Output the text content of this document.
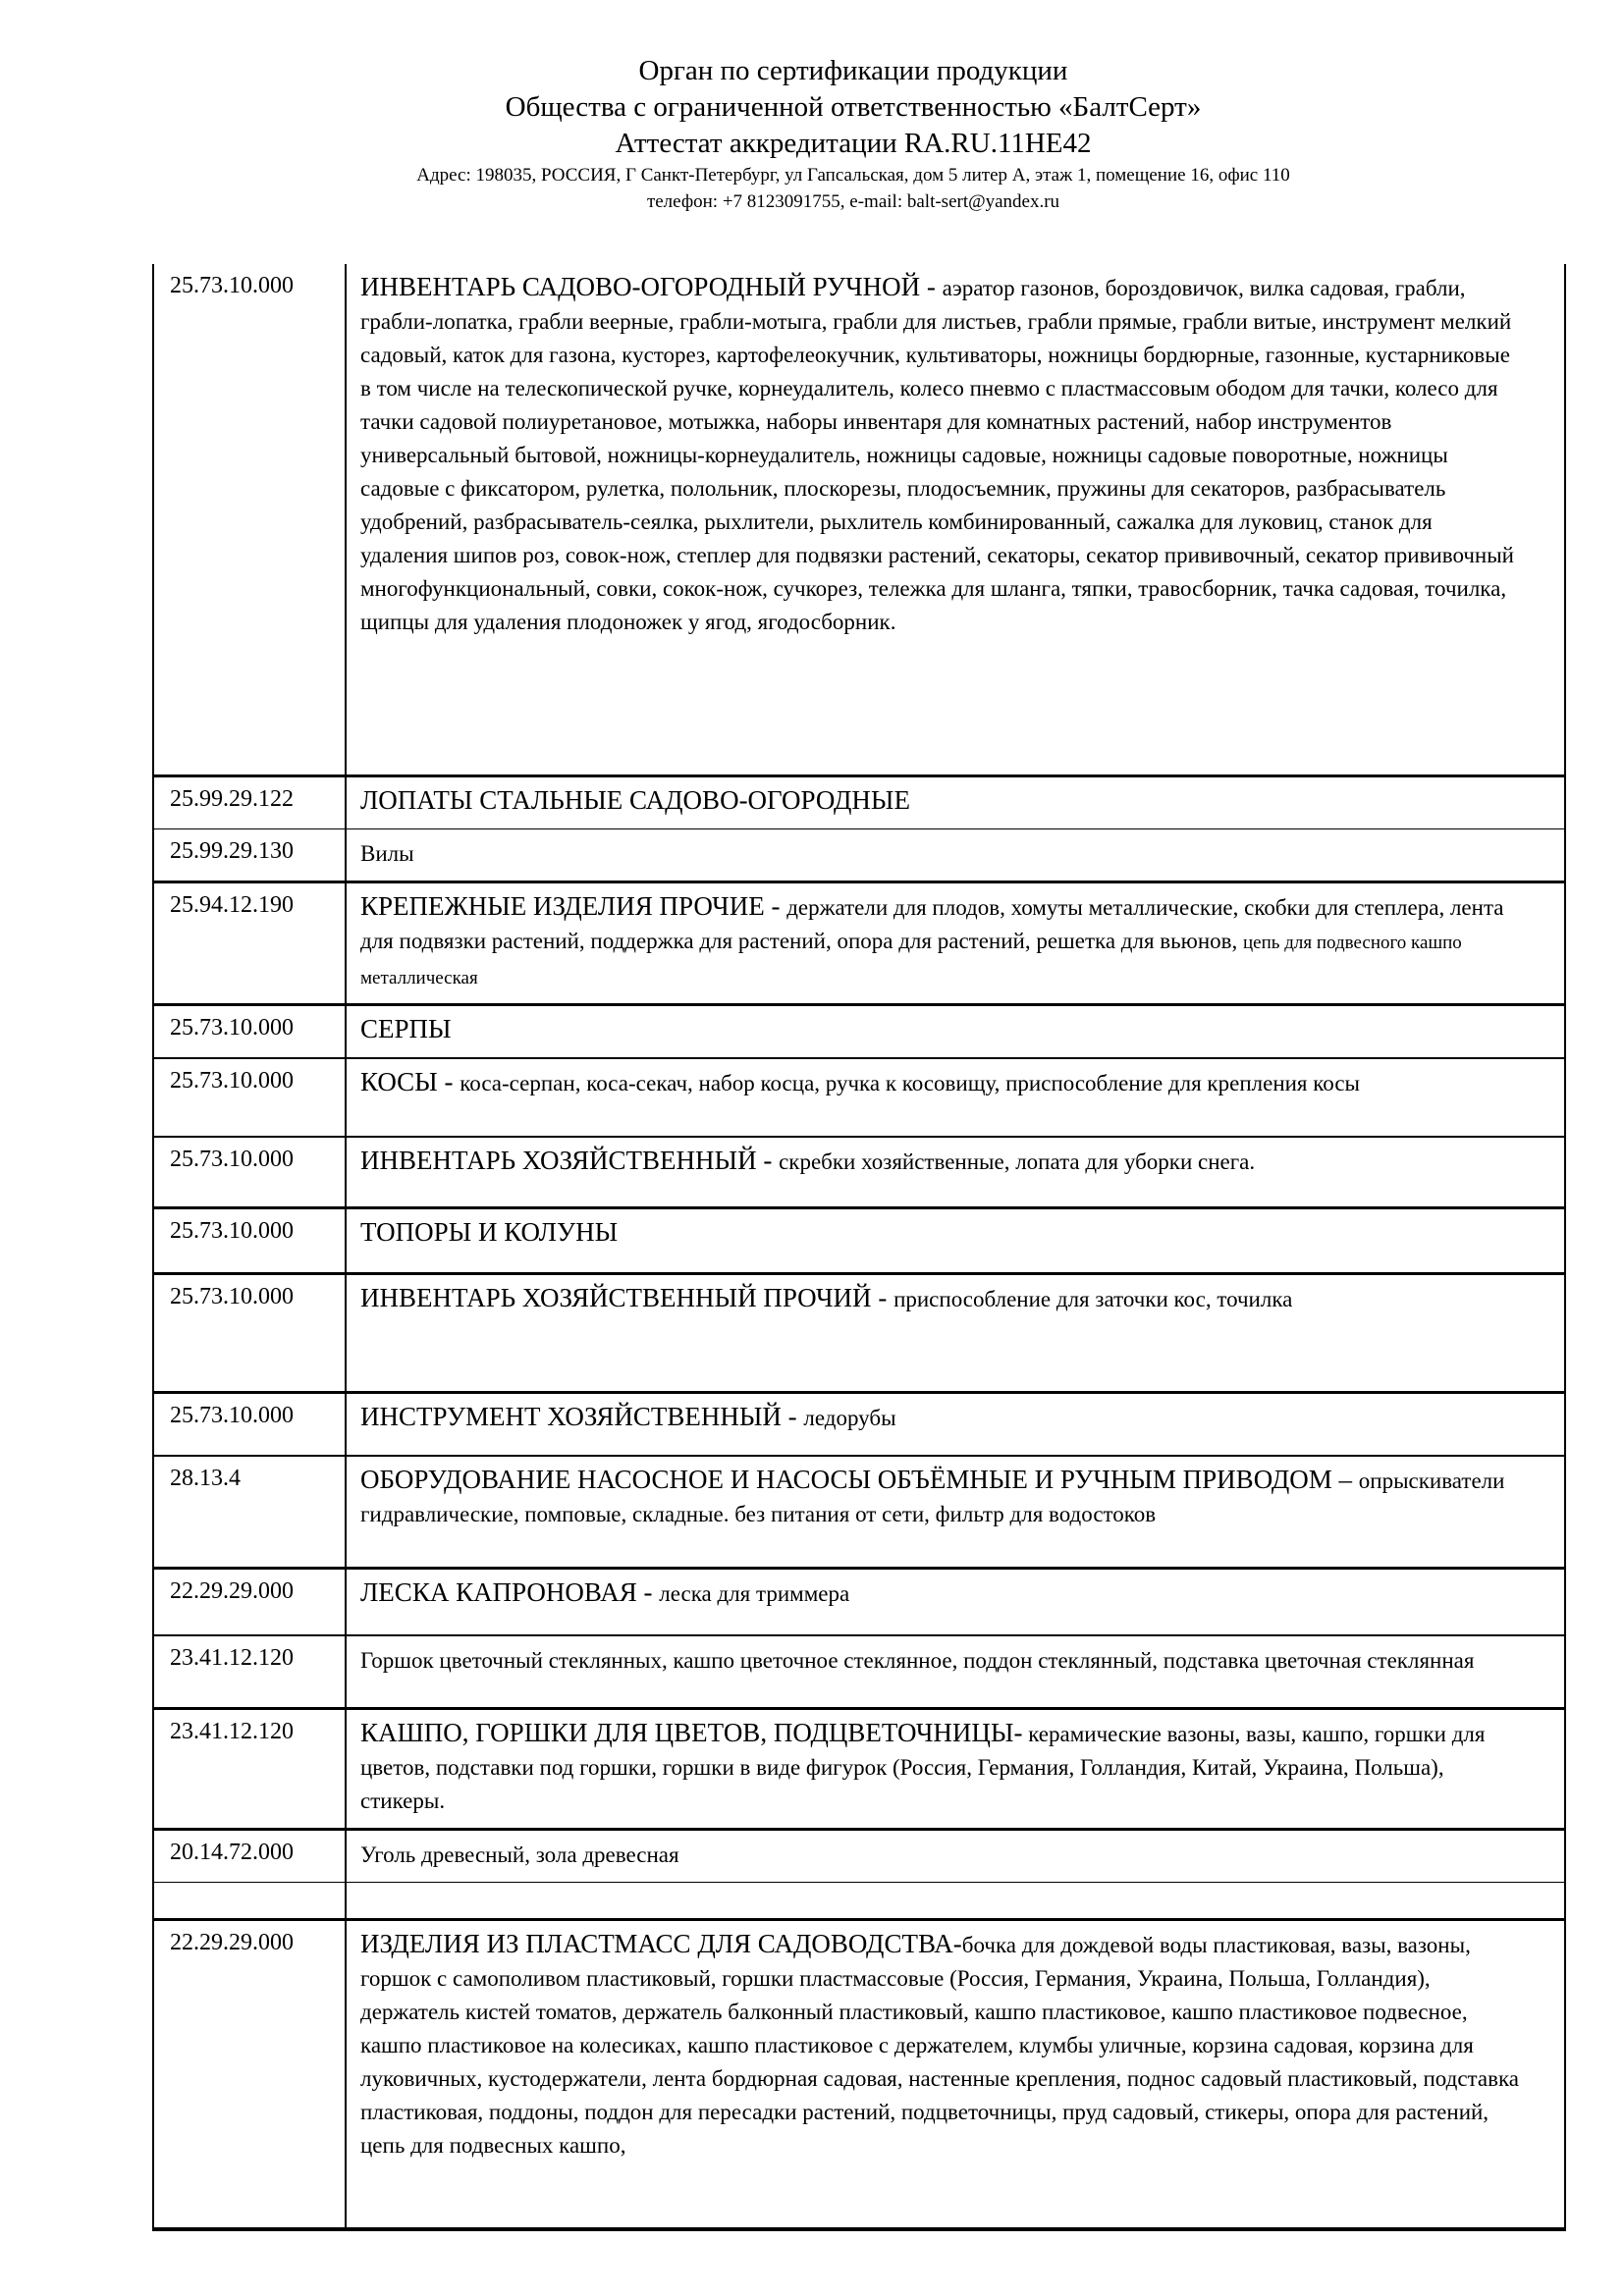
Орган по сертификации продукции
Общества с ограниченной ответственностью «БалтСерт»
Аттестат аккредитации RA.RU.11HE42
Адрес: 198035, РОССИЯ, Г Санкт-Петербург, ул Гапсальская, дом 5 литер А, этаж 1, помещение 16, офис 110
телефон: +7 8123091755, e-mail: balt-sert@yandex.ru
25.73.10.000	ИНВЕНТАРЬ САДОВО-ОГОРОДНЫЙ РУЧНОЙ - аэратор газонов, бороздовичок, вилка садовая, грабли, грабли-лопатка, грабли веерные, грабли-мотыга, грабли для листьев, грабли прямые, грабли витые, инструмент мелкий садовый, каток для газона, кусторез, картофелеокучник, культиваторы, ножницы бордюрные, газонные, кустарниковые в том числе на телескопической ручке, корнеудалитель, колесо пневмо с пластмассовым ободом для тачки, колесо для тачки садовой полиуретановое, мотыжка, наборы инвентаря для комнатных растений, набор инструментов универсальный бытовой, ножницы-корнеудалитель, ножницы садовые, ножницы садовые поворотные, ножницы садовые с фиксатором, рулетка, полольник, плоскорезы, плодосъемник, пружины для секаторов, разбрасыватель удобрений, разбрасыватель-сеялка, рыхлители, рыхлитель комбинированный, сажалка для луковиц, станок для удаления шипов роз, совок-нож, степлер для подвязки растений, секаторы, секатор прививочный, секатор прививочный многофункциональный, совки, сокок-нож, сучкорез, тележка для шланга, тяпки, травосборник, тачка садовая, точилка, щипцы для удаления плодоножек у ягод, ягодосборник.
25.99.29.122	ЛОПАТЫ СТАЛЬНЫЕ САДОВО-ОГОРОДНЫЕ
25.99.29.130	Вилы
25.94.12.190	КРЕПЕЖНЫЕ ИЗДЕЛИЯ ПРОЧИЕ - держатели для плодов, хомуты металлические, скобки для степлера, лента для подвязки растений, поддержка для растений, опора для растений, решетка для вьюнов, цепь для подвесного кашпо металлическая
25.73.10.000	СЕРПЫ
25.73.10.000	КОСЫ - коса-серпан, коса-секач, набор косца, ручка к косовищу, приспособление для крепления косы
25.73.10.000	ИНВЕНТАРЬ ХОЗЯЙСТВЕННЫЙ - скребки хозяйственные, лопата для уборки снега.
25.73.10.000	ТОПОРЫ И КОЛУНЫ
25.73.10.000	ИНВЕНТАРЬ ХОЗЯЙСТВЕННЫЙ ПРОЧИЙ - приспособление для заточки кос, точилка
25.73.10.000	ИНСТРУМЕНТ ХОЗЯЙСТВЕННЫЙ - ледорубы
28.13.4	ОБОРУДОВАНИЕ НАСОСНОЕ И НАСОСЫ ОБЪЁМНЫЕ И РУЧНЫМ ПРИВОДОМ – опрыскиватели гидравлические, помповые, складные. без питания от сети, фильтр для водостоков
22.29.29.000	ЛЕСКА КАПРОНОВАЯ - леска для триммера
23.41.12.120	Горшок цветочный стеклянных, кашпо цветочное стеклянное, поддон стеклянный, подставка цветочная стеклянная
23.41.12.120	КАШПО, ГОРШКИ ДЛЯ ЦВЕТОВ, ПОДЦВЕТОЧНИЦЫ- керамические вазоны, вазы, кашпо, горшки для цветов, подставки под горшки, горшки в виде фигурок (Россия, Германия, Голландия, Китай, Украина, Польша), стикеры.
20.14.72.000	Уголь древесный, зола древесная
22.29.29.000	ИЗДЕЛИЯ ИЗ ПЛАСТМАСС ДЛЯ САДОВОДСТВА-бочка для дождевой воды пластиковая, вазы, вазоны, горшок с самополивом пластиковый, горшки пластмассовые (Россия, Германия, Украина, Польша, Голландия), держатель кистей томатов, держатель балконный пластиковый, кашпо пластиковое, кашпо пластиковое подвесное, кашпо пластиковое на колесиках, кашпо пластиковое с держателем, клумбы уличные, корзина садовая, корзина для луковичных, кустодержатели, лента бордюрная садовая, настенные крепления, поднос садовый пластиковый, подставка пластиковая, поддоны, поддон для пересадки растений, подцветочницы, пруд садовый, стикеры, опора для растений, цепь для подвесных кашпо,
